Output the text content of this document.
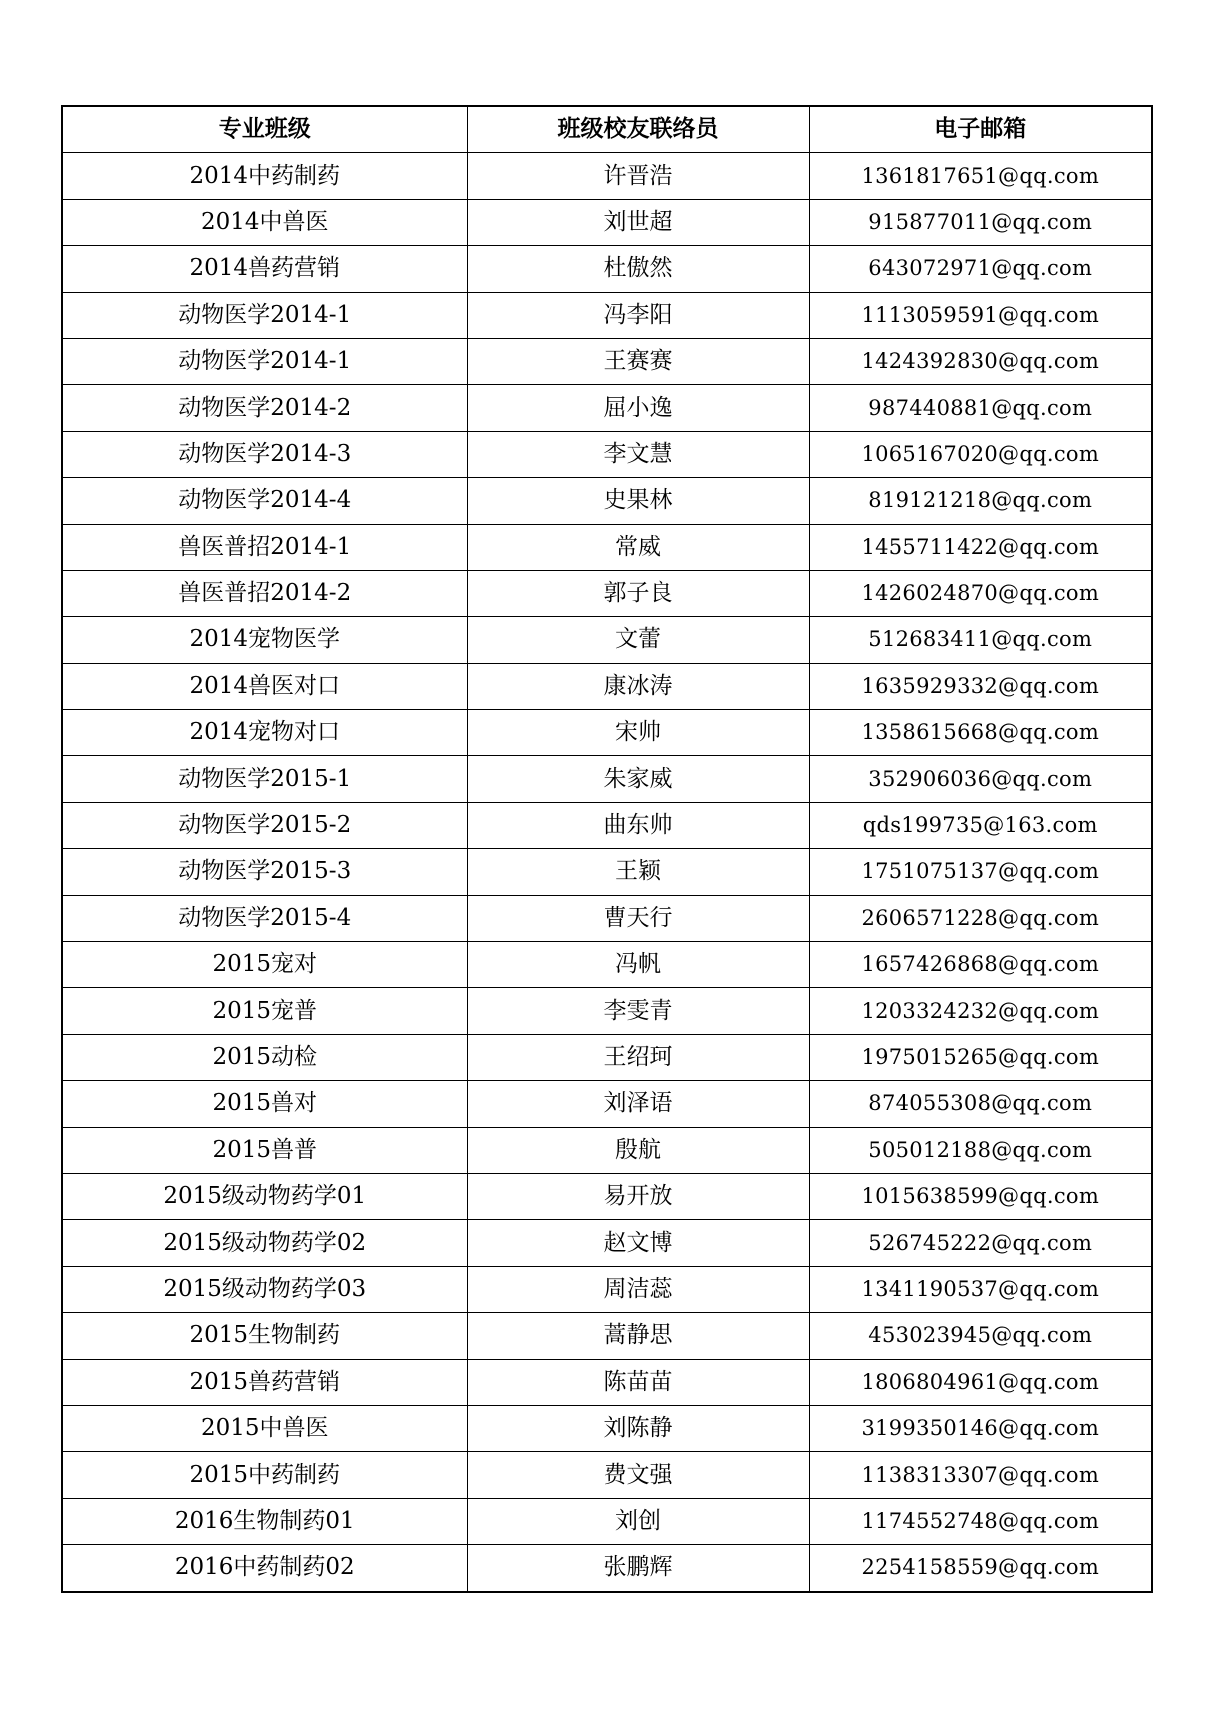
专业班级	班级校友联络员	电子邮箱
2014中药制药	许晋浩	1361817651@qq.com
2014中兽医	刘世超	915877011@qq.com
2014兽药营销	杜傲然	643072971@qq.com
动物医学2014-1	冯李阳	1113059591@qq.com
动物医学2014-1	王赛赛	1424392830@qq.com
动物医学2014-2	屈小逸	987440881@qq.com
动物医学2014-3	李文慧	1065167020@qq.com
动物医学2014-4	史果林	819121218@qq.com
兽医普招2014-1	常威	1455711422@qq.com
兽医普招2014-2	郭子良	1426024870@qq.com
2014宠物医学	文蕾	512683411@qq.com
2014兽医对口	康冰涛	1635929332@qq.com
2014宠物对口	宋帅	1358615668@qq.com
动物医学2015-1	朱家威	352906036@qq.com
动物医学2015-2	曲东帅	qds199735@163.com
动物医学2015-3	王颖	1751075137@qq.com
动物医学2015-4	曹天行	2606571228@qq.com
2015宠对	冯帆	1657426868@qq.com
2015宠普	李雯青	1203324232@qq.com
2015动检	王绍珂	1975015265@qq.com
2015兽对	刘泽语	874055308@qq.com
2015兽普	殷航	505012188@qq.com
2015级动物药学01	易开放	1015638599@qq.com
2015级动物药学02	赵文博	526745222@qq.com
2015级动物药学03	周洁蕊	1341190537@qq.com
2015生物制药	蒿静思	453023945@qq.com
2015兽药营销	陈苗苗	1806804961@qq.com
2015中兽医	刘陈静	3199350146@qq.com
2015中药制药	费文强	1138313307@qq.com
2016生物制药01	刘创	1174552748@qq.com
2016中药制药02	张鹏辉	2254158559@qq.com
